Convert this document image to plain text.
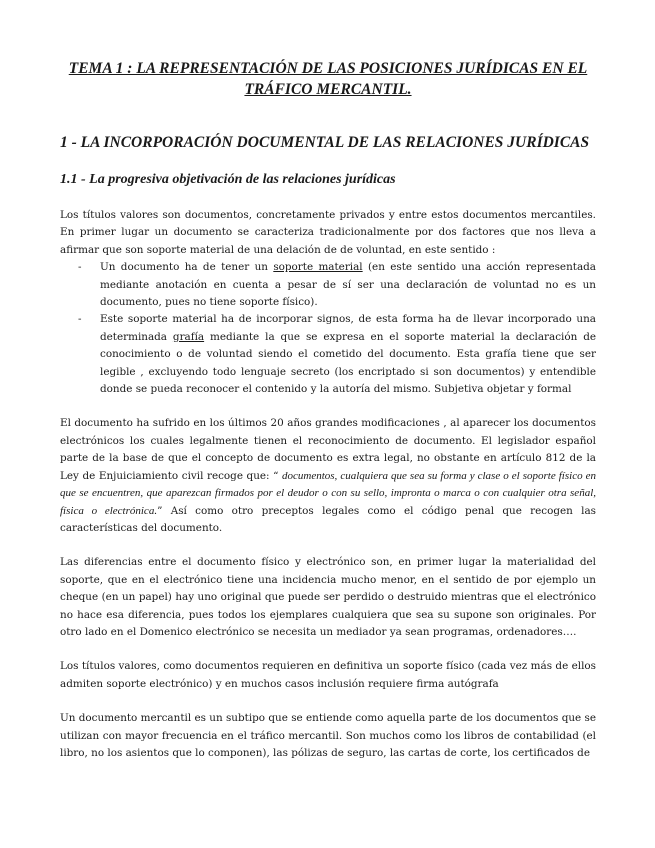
TEMA 1 : LA REPRESENTACIÓN DE LAS POSICIONES JURÍDICAS EN EL TRÁFICO MERCANTIL.
1 - LA INCORPORACIÓN DOCUMENTAL DE LAS RELACIONES JURÍDICAS
1.1 - La progresiva objetivación de las relaciones jurídicas

Los títulos valores son documentos, concretamente privados y entre estos documentos mercantiles. En primer lugar un documento se caracteriza tradicionalmente por dos factores que nos lleva a afirmar que son soporte material de una delación de de voluntad, en este sentido :

- Un documento ha de tener un soporte material (en este sentido una acción representada mediante anotación en cuenta a pesar de sí ser una declaración de voluntad no es un documento, pues no tiene soporte físico).
- Este soporte material ha de incorporar signos, de esta forma ha de llevar incorporado una determinada grafía mediante la que se expresa en el soporte material la declaración de conocimiento o de voluntad siendo el cometido del documento. Esta grafía tiene que ser legible , excluyendo todo lenguaje secreto (los encriptado si son documentos) y entendible donde se pueda reconocer el contenido y la autoría del mismo. Subjetiva objetar y formal

El documento ha sufrido en los últimos 20 años grandes modificaciones , al aparecer los documentos electrónicos los cuales legalmente tienen el reconocimiento de documento. El legislador español parte de la base de que el concepto de documento es extra legal, no obstante en artículo 812 de la Ley de Enjuiciamiento civil recoge que: “ documentos, cualquiera que sea su forma y clase o el soporte físico en que se encuentren, que aparezcan firmados por el deudor o con su sello, impronta o marca o con cualquier otra señal, física o electrónica.” Así como otro preceptos legales como el código penal que recogen las características del documento.

Las diferencias entre el documento físico y electrónico son, en primer lugar la materialidad del soporte, que en el electrónico tiene una incidencia mucho menor, en el sentido de por ejemplo un cheque (en un papel) hay uno original que puede ser perdido o destruido mientras que el electrónico no hace esa diferencia, pues todos los ejemplares cualquiera que sea su supone son originales. Por otro lado en el Domenico electrónico se necesita un mediador ya sean programas, ordenadores….

Los títulos valores, como documentos requieren en definitiva un soporte físico (cada vez más de ellos admiten soporte electrónico) y en muchos casos inclusión requiere firma autógrafa

Un documento mercantil es un subtipo que se entiende como aquella parte de los documentos que se utilizan con mayor frecuencia en el tráfico mercantil. Son muchos como los libros de contabilidad (el libro, no los asientos que lo componen), las pólizas de seguro, las cartas de corte, los certificados de
